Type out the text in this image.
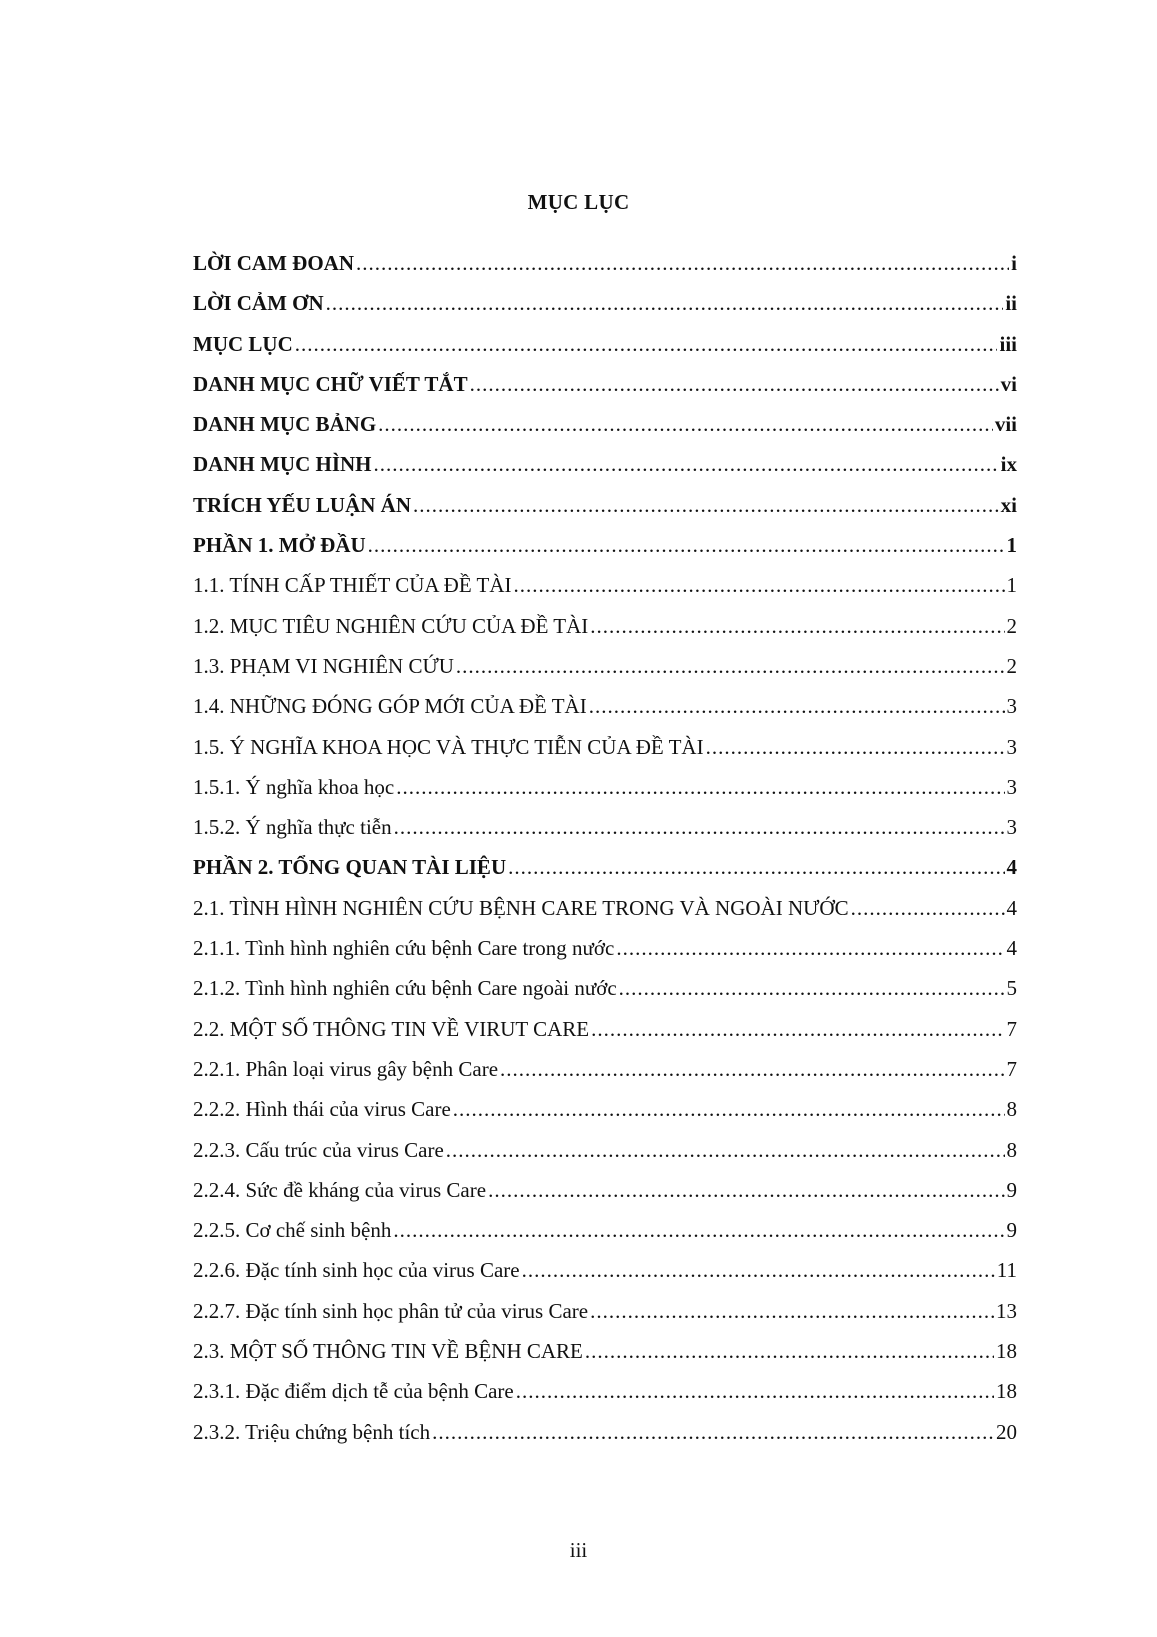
MỤC LỤC
LỜI CAM ĐOAN .....	i
LỜI CẢM ƠN .....	ii
MỤC LỤC .....	iii
DANH MỤC CHỮ VIẾT TẮT .....	vi
DANH MỤC BẢNG .....	vii
DANH MỤC HÌNH .....	ix
TRÍCH YẾU LUẬN ÁN .....	xi
PHẦN 1. MỞ ĐẦU .....	1
1.1. TÍNH CẤP THIẾT CỦA ĐỀ TÀI .....	1
1.2. MỤC TIÊU NGHIÊN CỨU CỦA ĐỀ TÀI .....	2
1.3. PHẠM VI NGHIÊN CỨU .....	2
1.4. NHỮNG ĐÓNG GÓP MỚI CỦA ĐỀ TÀI .....	3
1.5. Ý NGHĨA KHOA HỌC VÀ THỰC TIỄN CỦA ĐỀ TÀI .....	3
1.5.1. Ý nghĩa khoa học .....	3
1.5.2. Ý nghĩa thực tiễn .....	3
PHẦN 2. TỔNG QUAN TÀI LIỆU .....	4
2.1. TÌNH HÌNH NGHIÊN CỨU BỆNH CARE TRONG VÀ NGOÀI NƯỚC .....	4
2.1.1. Tình hình nghiên cứu bệnh Care trong nước .....	4
2.1.2. Tình hình nghiên cứu bệnh Care ngoài nước .....	5
2.2. MỘT SỐ THÔNG TIN VỀ VIRUT CARE .....	7
2.2.1. Phân loại virus gây bệnh Care .....	7
2.2.2. Hình thái của virus Care .....	8
2.2.3. Cấu trúc của virus Care .....	8
2.2.4. Sức đề kháng của virus Care .....	9
2.2.5. Cơ chế sinh bệnh .....	9
2.2.6. Đặc tính sinh học của virus Care .....	11
2.2.7. Đặc tính sinh học phân tử của virus Care .....	13
2.3. MỘT SỐ THÔNG TIN VỀ BỆNH CARE .....	18
2.3.1. Đặc điểm dịch tễ của bệnh Care .....	18
2.3.2. Triệu chứng bệnh tích .....	20
iii
